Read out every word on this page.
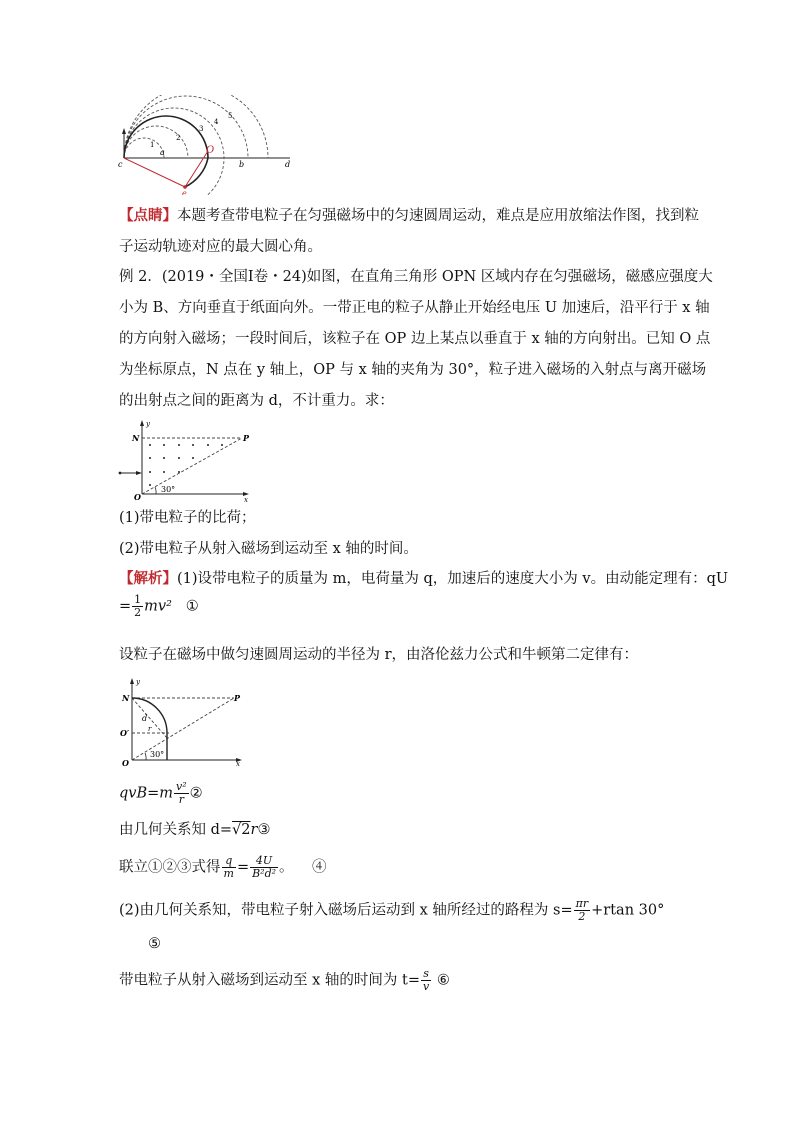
c
a	O
b	d
e
1
2
3
4
5
【点睛】本题考查带电粒子在匀强磁场中的匀速圆周运动，难点是应用放缩法作图，找到粒
子运动轨迹对应的最大圆心角。
例 2．(2019・全国Ⅰ卷・24)如图，在直角三角形 OPN 区域内存在匀强磁场，磁感应强度大
小为 B、方向垂直于纸面向外。一带正电的粒子从静止开始经电压 U 加速后，沿平行于 x 轴
的方向射入磁场；一段时间后，该粒子在 OP 边上某点以垂直于 x 轴的方向射出。已知 O 点
为坐标原点，N 点在 y 轴上，OP 与 x 轴的夹角为 30°，粒子进入磁场的入射点与离开磁场
的出射点之间的距离为 d，不计重力。求：
y
N	P
O	x
30°
(1)带电粒子的比荷；
(2)带电粒子从射入磁场到运动至 x 轴的时间。
【解析】(1)设带电粒子的质量为 m，电荷量为 q，加速后的速度大小为 v。由动能定理有：qU
= $\frac{1}{2} mv^2$ ①
设粒子在磁场中做匀速圆周运动的半径为 r，由洛伦兹力公式和牛顿第二定律有：
y
N	P
O′
O	x
d
r
30°
$qvB=m \frac{\text{v²}}{r}$ ②
由几何关系知 d=√2r③
联立①②③式得 $\frac{q}{m} = \frac{4U}{\text{B²d²}}$ 。 ④
(2)由几何关系知，带电粒子射入磁场后运动到 x 轴所经过的路程为 $s= \frac{\pi r}{2} +rtan$ 30°
⑤
带电粒子从射入磁场到运动至 x 轴的时间为 $t= \frac{s}{v}$ ⑥
